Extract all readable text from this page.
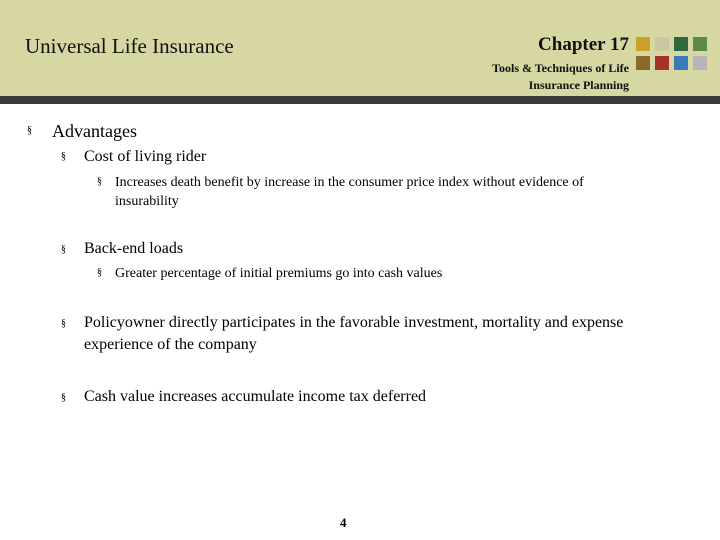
Universal Life Insurance	Chapter 17
Tools & Techniques of Life
Insurance Planning
§ Advantages
§ Cost of living rider
§ Increases death benefit by increase in the consumer price index without evidence of
insurability
§ Back-end loads
§ Greater percentage of initial premiums go into cash values
§ Policyowner directly participates in the favorable investment, mortality and expense
experience of the company
§ Cash value increases accumulate income tax deferred
4
